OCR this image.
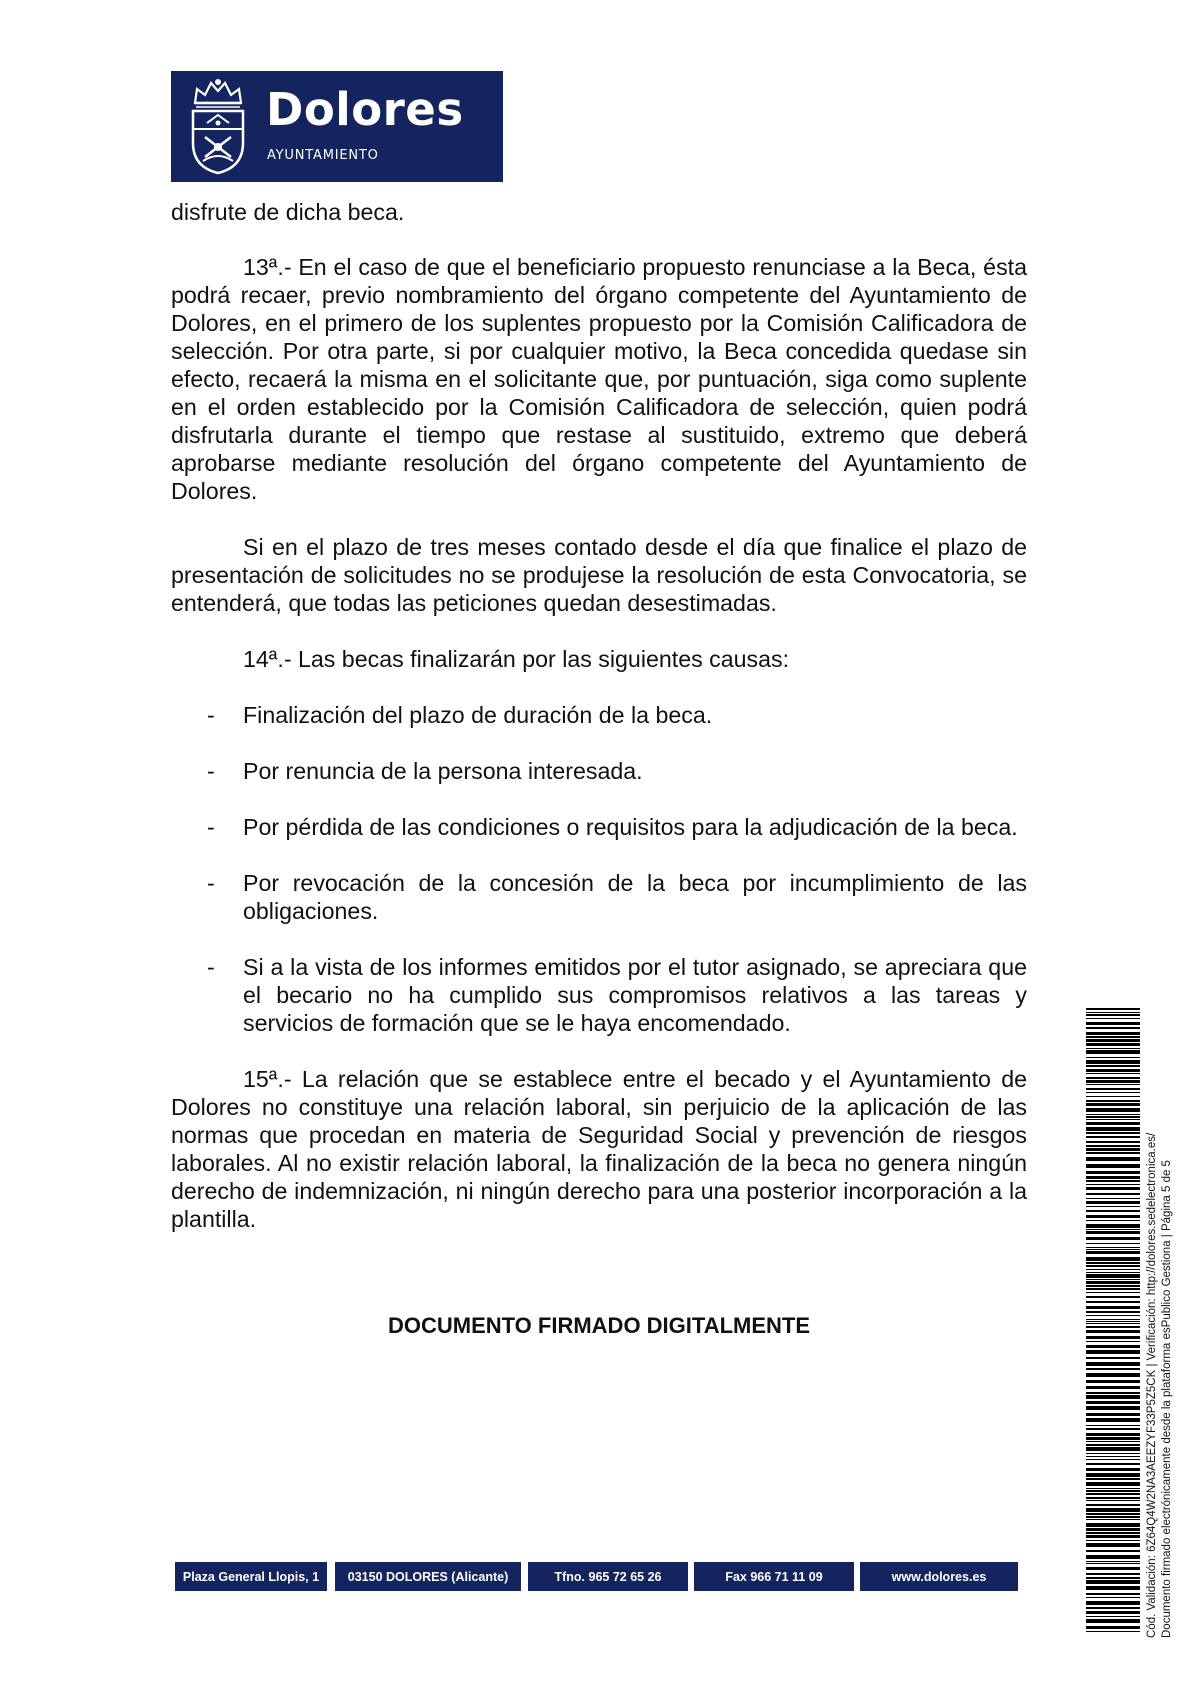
Dolores
AYUNTAMIENTO

disfrute de dicha beca.

13ª.- En el caso de que el beneficiario propuesto renunciase a la Beca, ésta podrá recaer, previo nombramiento del órgano competente del Ayuntamiento de Dolores, en el primero de los suplentes propuesto por la Comisión Calificadora de selección. Por otra parte, si por cualquier motivo, la Beca concedida quedase sin efecto, recaerá la misma en el solicitante que, por puntuación, siga como suplente en el orden establecido por la Comisión Calificadora de selección, quien podrá disfrutarla durante el tiempo que restase al sustituido, extremo que deberá aprobarse mediante resolución del órgano competente del Ayuntamiento de Dolores.

Si en el plazo de tres meses contado desde el día que finalice el plazo de presentación de solicitudes no se produjese la resolución de esta Convocatoria, se entenderá, que todas las peticiones quedan desestimadas.

14ª.- Las becas finalizarán por las siguientes causas:

- Finalización del plazo de duración de la beca.
- Por renuncia de la persona interesada.
- Por pérdida de las condiciones o requisitos para la adjudicación de la beca.
- Por revocación de la concesión de la beca por incumplimiento de las obligaciones.
- Si a la vista de los informes emitidos por el tutor asignado, se apreciara que el becario no ha cumplido sus compromisos relativos a las tareas y servicios de formación que se le haya encomendado.

15ª.- La relación que se establece entre el becado y el Ayuntamiento de Dolores no constituye una relación laboral, sin perjuicio de la aplicación de las normas que procedan en materia de Seguridad Social y prevención de riesgos laborales. Al no existir relación laboral, la finalización de la beca no genera ningún derecho de indemnización, ni ningún derecho para una posterior incorporación a la plantilla.

DOCUMENTO FIRMADO DIGITALMENTE
Plaza General Llopis, 1	03150 DOLORES (Alicante)	Tfno. 965 72 65 26	Fax 966 71 11 09	www.dolores.es	Cód. Validación: 6Z64Q4W2NA3AEEZYF33P5Z5CK | Verificación: http://dolores.sedelectronica.es/ Documento firmado electrónicamente desde la plataforma esPublico Gestiona | Página 5 de 5
